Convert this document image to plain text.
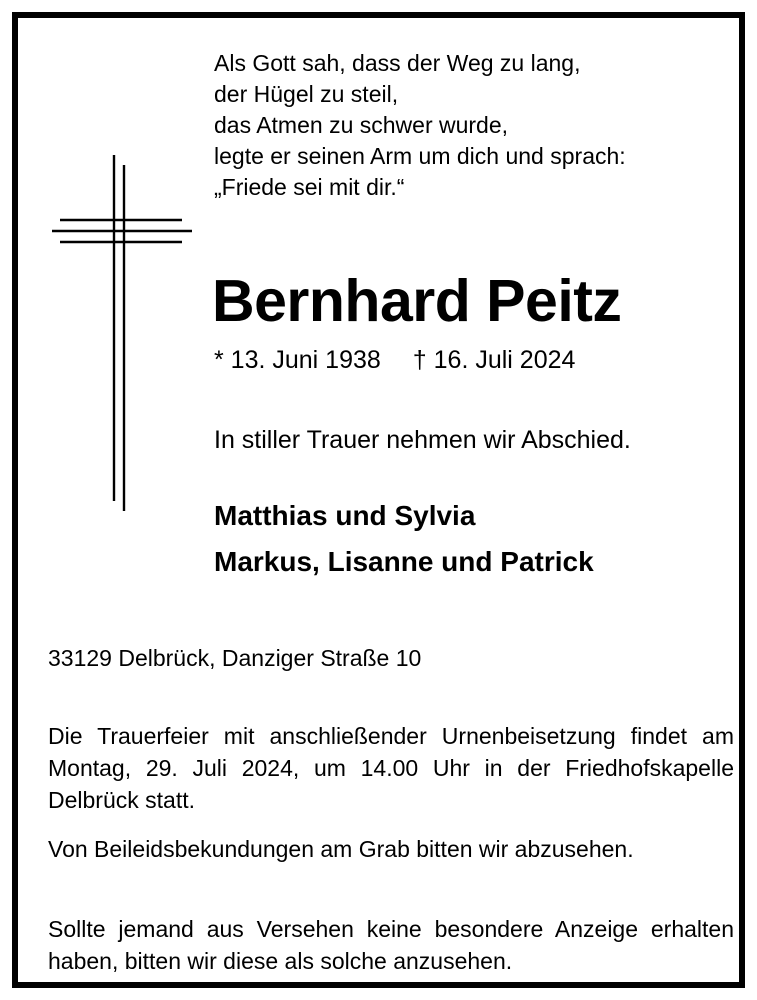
Als Gott sah, dass der Weg zu lang,
der Hügel zu steil,
das Atmen zu schwer wurde,
legte er seinen Arm um dich und sprach:
„Friede sei mit dir.“
Bernhard Peitz
* 13. Juni 1938 † 16. Juli 2024
In stiller Trauer nehmen wir Abschied.
Matthias und Sylvia
Markus, Lisanne und Patrick
33129 Delbrück, Danziger Straße 10

Die Trauerfeier mit anschließender Urnenbeisetzung findet am Montag, 29. Juli 2024, um 14.00 Uhr in der Friedhofskapelle Delbrück statt.

Von Beileidsbekundungen am Grab bitten wir abzusehen.

Sollte jemand aus Versehen keine besondere Anzeige erhalten haben, bitten wir diese als solche anzusehen.
